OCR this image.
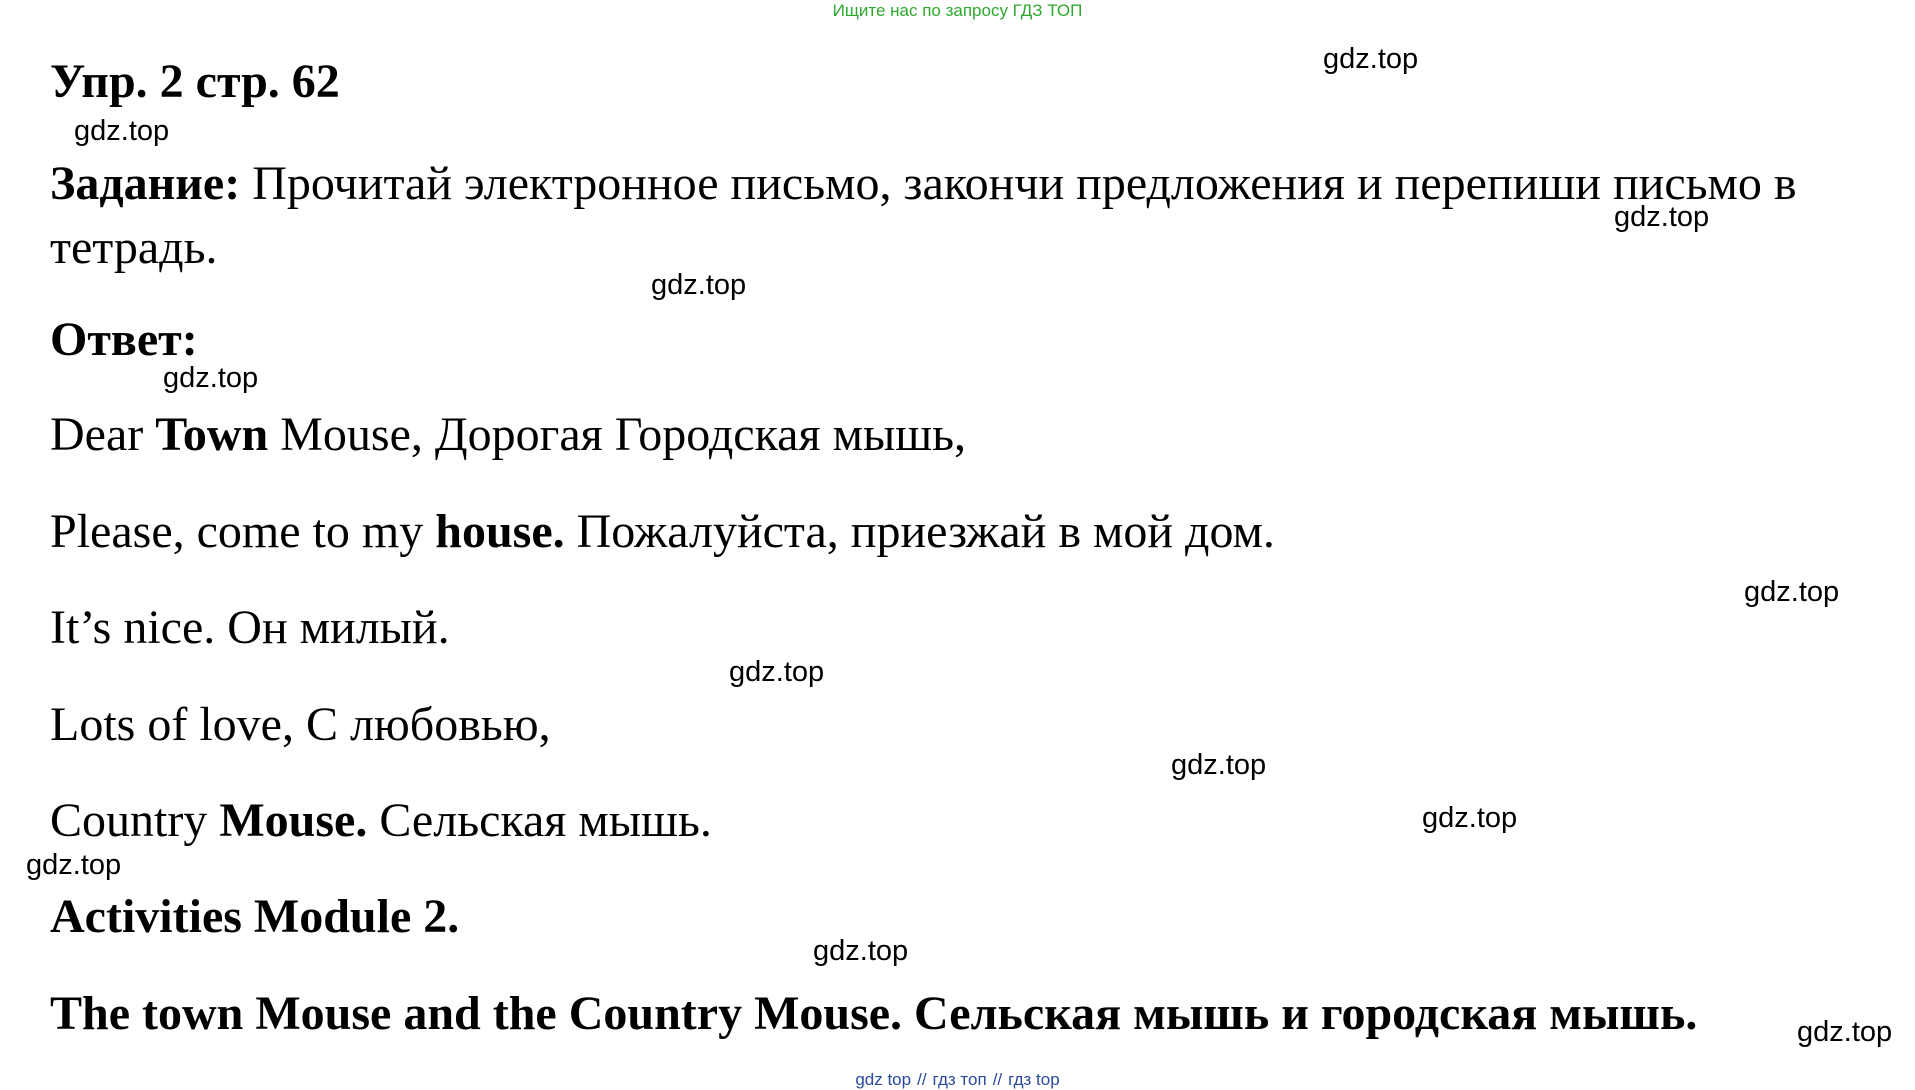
Ищите нас по запросу ГДЗ ТОП
Упр. 2 стр. 62
Задание: Прочитай электронное письмо, закончи предложения и перепиши письмо в тетрадь.
Ответ:
Dear Town Mouse, Дорогая Городская мышь,
Please, come to my house. Пожалуйста, приезжай в мой дом.
It’s nice. Он милый.
Lots of love, С любовью,
Country Mouse. Сельская мышь.
Activities Module 2.
The town Mouse and the Country Mouse. Сельская мышь и городская мышь.
gdz.top
gdz.top
gdz.top
gdz.top
gdz.top
gdz.top
gdz.top
gdz.top
gdz.top
gdz.top
gdz.top
gdz.top
gdz top // гдз топ // гдз top
